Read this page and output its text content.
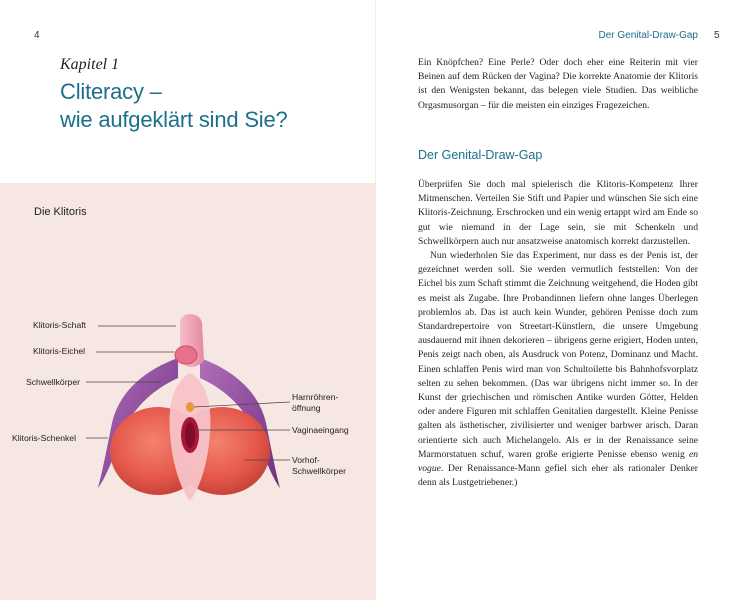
4
Kapitel 1
Cliteracy –
wie aufgeklärt sind Sie?
Die Klitoris
Klitoris-Schaft
Klitoris-Eichel
Schwellkörper
Klitoris-Schenkel
Harnröhren-
öffnung
Vaginaeingang
Vorhof-
Schwellkörper
Der Genital-Draw-Gap 5

Ein Knöpfchen? Eine Perle? Oder doch eher eine Reiterin mit vier Beinen auf dem Rücken der Vagina? Die korrekte Anatomie der Klitoris ist den Wenigsten bekannt, das belegen viele Studien. Das weibliche Orgasmusorgan – für die meisten ein einziges Fragezeichen.

Der Genital-Draw-Gap

Überprüfen Sie doch mal spielerisch die Klitoris-Kompetenz Ihrer Mitmenschen. Verteilen Sie Stift und Papier und wünschen Sie sich eine Klitoris-Zeichnung. Erschrocken und ein wenig ertappt wird am Ende so gut wie niemand in der Lage sein, sie mit Schenkeln und Schwellkörpern auch nur ansatzweise anatomisch korrekt darzustellen.

Nun wiederholen Sie das Experiment, nur dass es der Penis ist, der gezeichnet werden soll. Sie werden vermutlich feststellen: Von der Eichel bis zum Schaft stimmt die Zeichnung weitgehend, die Hoden gibt es meist als Zugabe. Ihre Probandinnen liefern ohne langes Überlegen problemlos ab. Das ist auch kein Wunder, gehören Penisse doch zum Standardrepertoire von Streetart-Künstlern, die unsere Umgebung ausdauernd mit ihnen dekorieren – übrigens gerne erigiert, Hoden unten, Penis zeigt nach oben, als Ausdruck von Potenz, Dominanz und Macht. Einen schlaffen Penis wird man von Schultoilette bis Bahnhofsvorplatz selten zu sehen bekommen. (Das war übrigens nicht immer so. In der Kunst der griechischen und römischen Antike wurden Götter, Helden oder andere Figuren mit schlaffen Genitalien dargestellt. Kleine Penisse galten als ästhetischer, zivilisierter und weniger barbwer arisch. Daran orientierte sich auch Michelangelo. Als er in der Renaissance seine Marmorstatuen schuf, waren große erigierte Penisse ebenso wenig en vogue. Der Renaissance-Mann gefiel sich eher als rationaler Denker denn als Lustgetriebener.)
